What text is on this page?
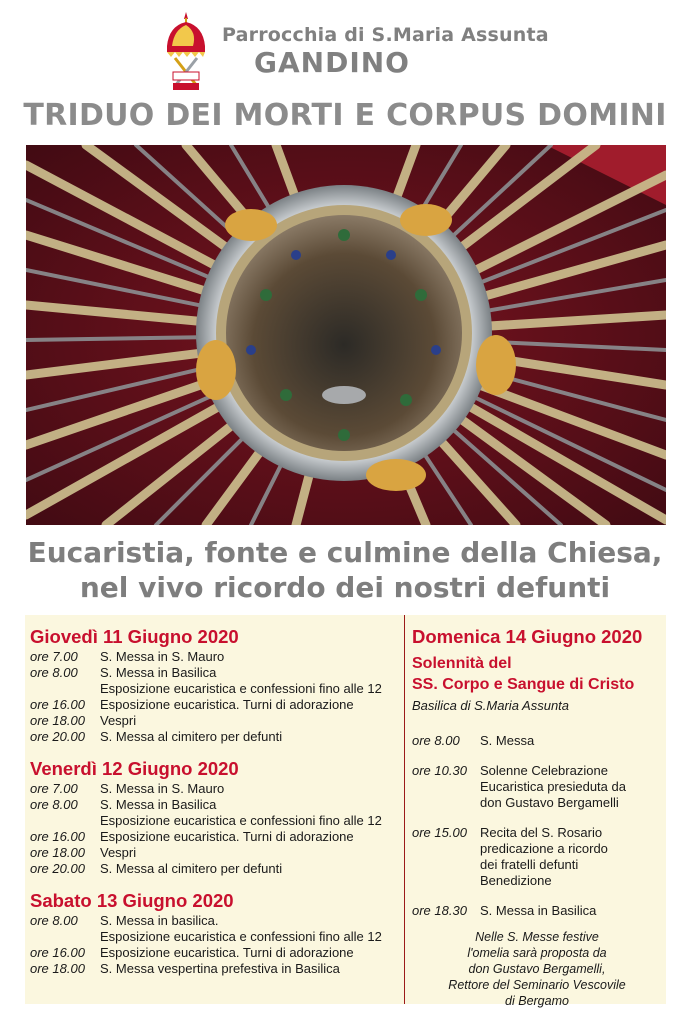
Parrocchia di S.Maria Assunta
GANDINO
TRIDUO DEI MORTI E CORPUS DOMINI
Eucaristia, fonte e culmine della Chiesa,
nel vivo ricordo dei nostri defunti
Giovedì 11 Giugno 2020
ore 7.00	S. Messa in S. Mauro
ore 8.00	S. Messa in Basilica
Esposizione eucaristica e confessioni fino alle 12
ore 16.00	Esposizione eucaristica. Turni di adorazione
ore 18.00	Vespri
ore 20.00	S. Messa al cimitero per defunti
Venerdì 12 Giugno 2020
ore 7.00	S. Messa in S. Mauro
ore 8.00	S. Messa in Basilica
Esposizione eucaristica e confessioni fino alle 12
ore 16.00	Esposizione eucaristica. Turni di adorazione
ore 18.00	Vespri
ore 20.00	S. Messa al cimitero per defunti
Sabato 13 Giugno 2020
ore 8.00	S. Messa in basilica.
Esposizione eucaristica e confessioni fino alle 12
ore 16.00	Esposizione eucaristica. Turni di adorazione
ore 18.00	S. Messa vespertina prefestiva in Basilica
Domenica 14 Giugno 2020
Solennità del
SS. Corpo e Sangue di Cristo
Basilica di S.Maria Assunta
ore 8.00	S. Messa
ore 10.30	Solenne Celebrazione
Eucaristica presieduta da
don Gustavo Bergamelli
ore 15.00	Recita del S. Rosario
predicazione a ricordo
dei fratelli defunti
Benedizione
ore 18.30	S. Messa in Basilica
Nelle S. Messe festive
l'omelia sarà proposta da
don Gustavo Bergamelli,
Rettore del Seminario Vescovile
di Bergamo
